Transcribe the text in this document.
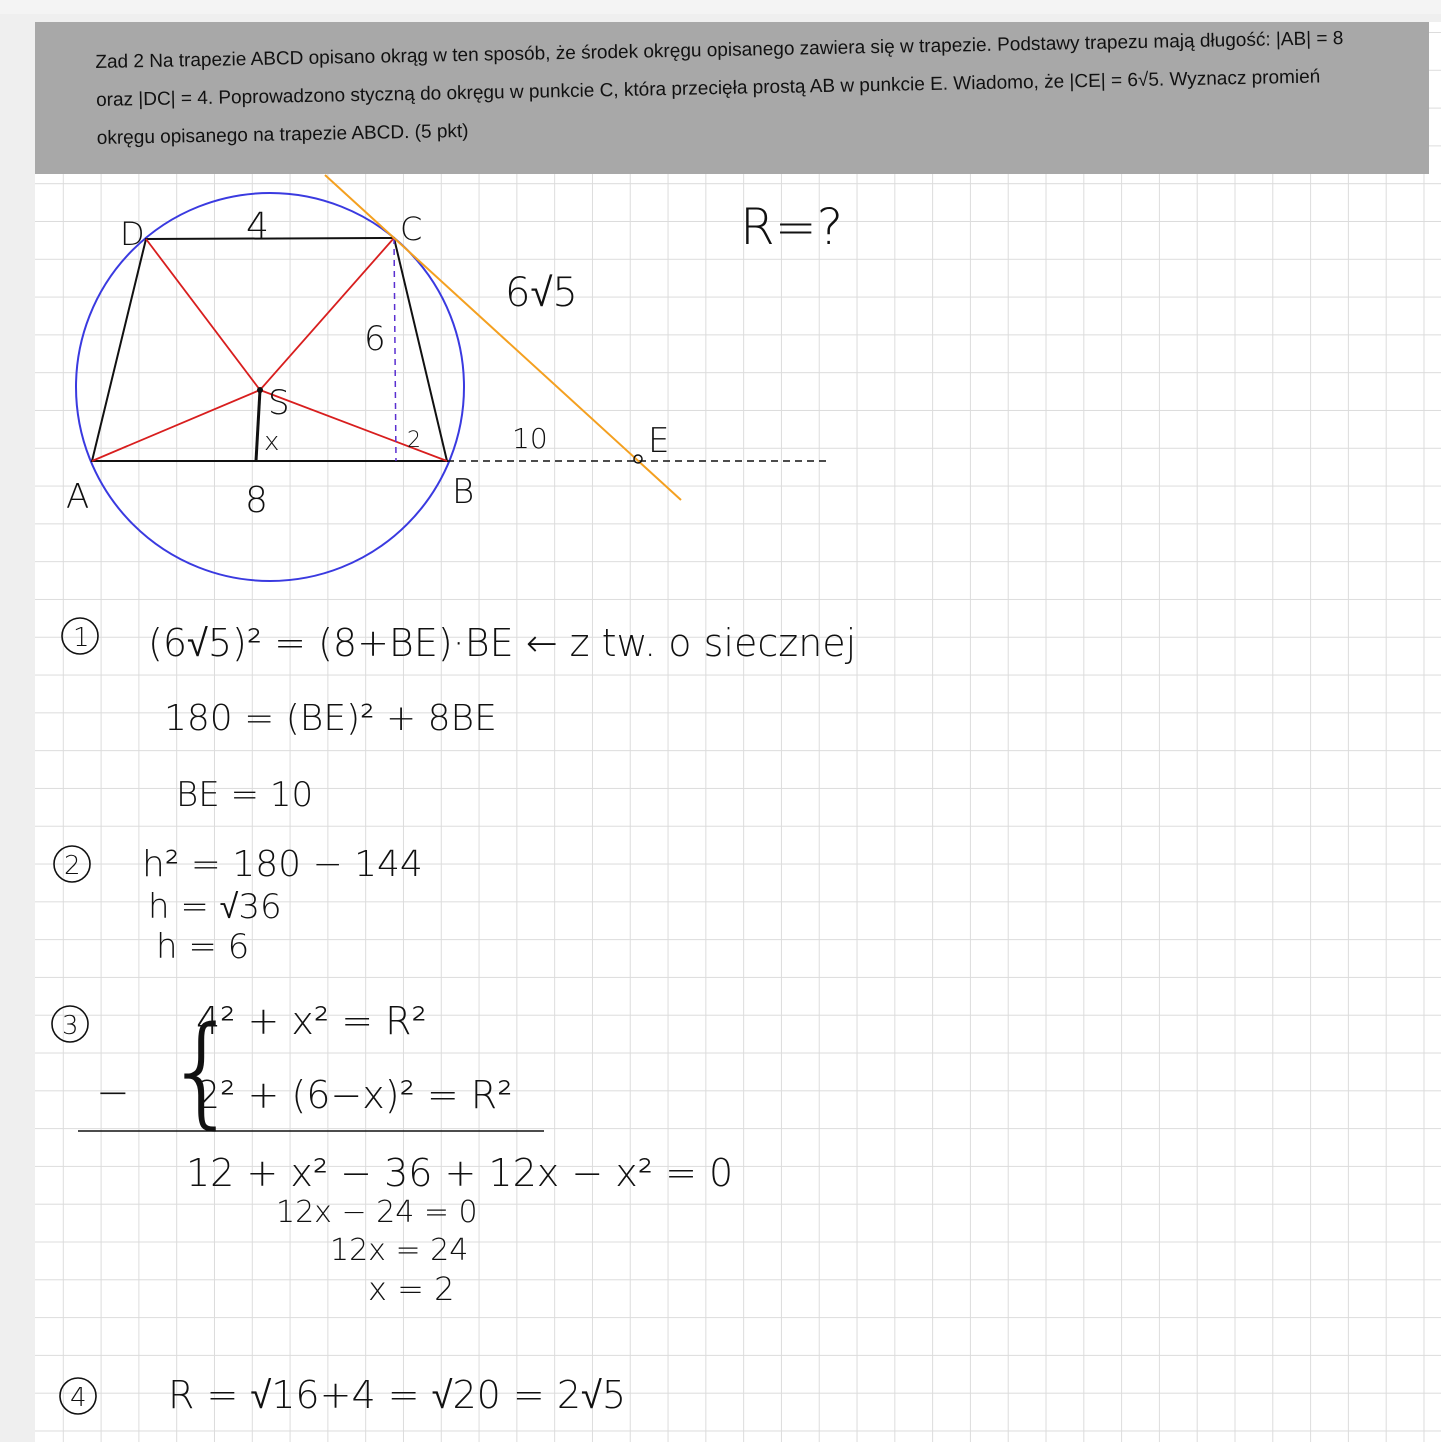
Zad 2 Na trapezie ABCD opisano okrąg w ten sposób, że środek okręgu opisanego zawiera się w trapezie. Podstawy trapezu mają długość: |AB| = 8 oraz |DC| = 4. Poprowadzono styczną do okręgu w punkcie C, która przecięła prostą AB w punkcie E. Wiadomo, że |CE| = 6√5. Wyznacz promień okręgu opisanego na trapezie ABCD. (5 pkt)
D	4	C
6√5
6
S
x	2	10	E
A	8	B
R=?
1 (6√5)² = (8+BE)·BE ← z tw. o siecznej
180 = (BE)² + 8BE
BE = 10
2 h² = 180 − 144
h = √36
h = 6
3 {
4² + x² = R²
− 2² + (6−x)² = R²
12 + x² − 36 + 12x − x² = 0
12x − 24 = 0
12x = 24
x = 2
4 R = √16+4 = √20 = 2√5
